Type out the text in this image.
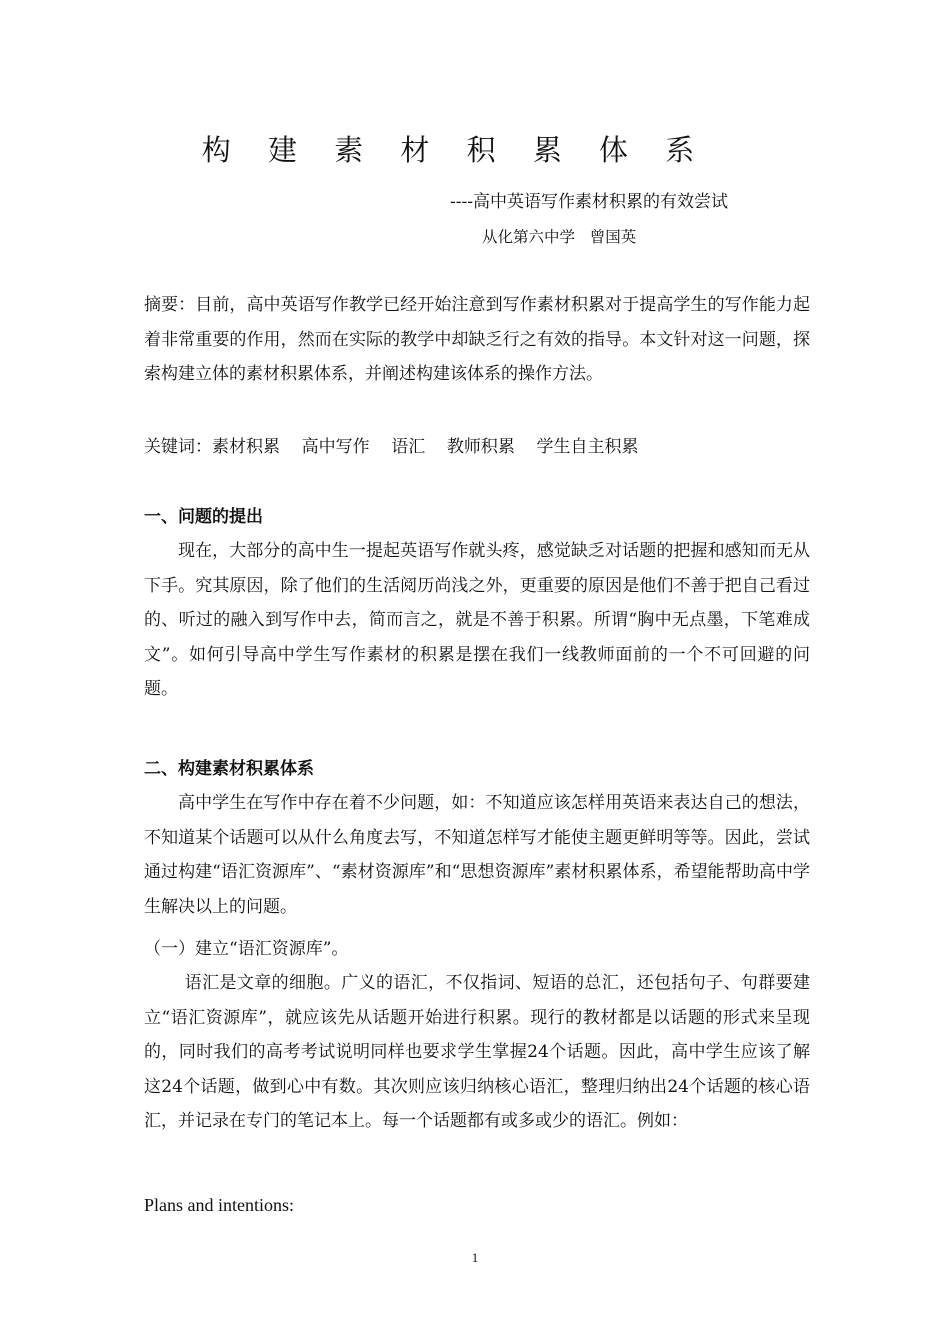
构 建 素 材 积 累 体 系
----高中英语写作素材积累的有效尝试
从化第六中学   曾国英
摘要：目前，高中英语写作教学已经开始注意到写作素材积累对于提高学生的写作能力起着非常重要的作用，然而在实际的教学中却缺乏行之有效的指导。本文针对这一问题，探索构建立体的素材积累体系，并阐述构建该体系的操作方法。
关键词：素材积累    高中写作    语汇    教师积累    学生自主积累
一、问题的提出
现在，大部分的高中生一提起英语写作就头疼，感觉缺乏对话题的把握和感知而无从下手。究其原因，除了他们的生活阅历尚浅之外，更重要的原因是他们不善于把自己看过的、听过的融入到写作中去，简而言之，就是不善于积累。所谓“胸中无点墨，下笔难成文”。如何引导高中学生写作素材的积累是摆在我们一线教师面前的一个不可回避的问题。
二、构建素材积累体系
高中学生在写作中存在着不少问题，如：不知道应该怎样用英语来表达自己的想法，不知道某个话题可以从什么角度去写，不知道怎样写才能使主题更鲜明等等。因此，尝试通过构建“语汇资源库”、“素材资源库”和“思想资源库”素材积累体系，希望能帮助高中学生解决以上的问题。
（一）建立“语汇资源库”。
语汇是文章的细胞。广义的语汇，不仅指词、短语的总汇，还包括句子、句群要建立“语汇资源库”，就应该先从话题开始进行积累。现行的教材都是以话题的形式来呈现的，同时我们的高考考试说明同样也要求学生掌握24个话题。因此，高中学生应该了解这24个话题，做到心中有数。其次则应该归纳核心语汇，整理归纳出24个话题的核心语汇，并记录在专门的笔记本上。每一个话题都有或多或少的语汇。例如：
Plans and intentions:
1
